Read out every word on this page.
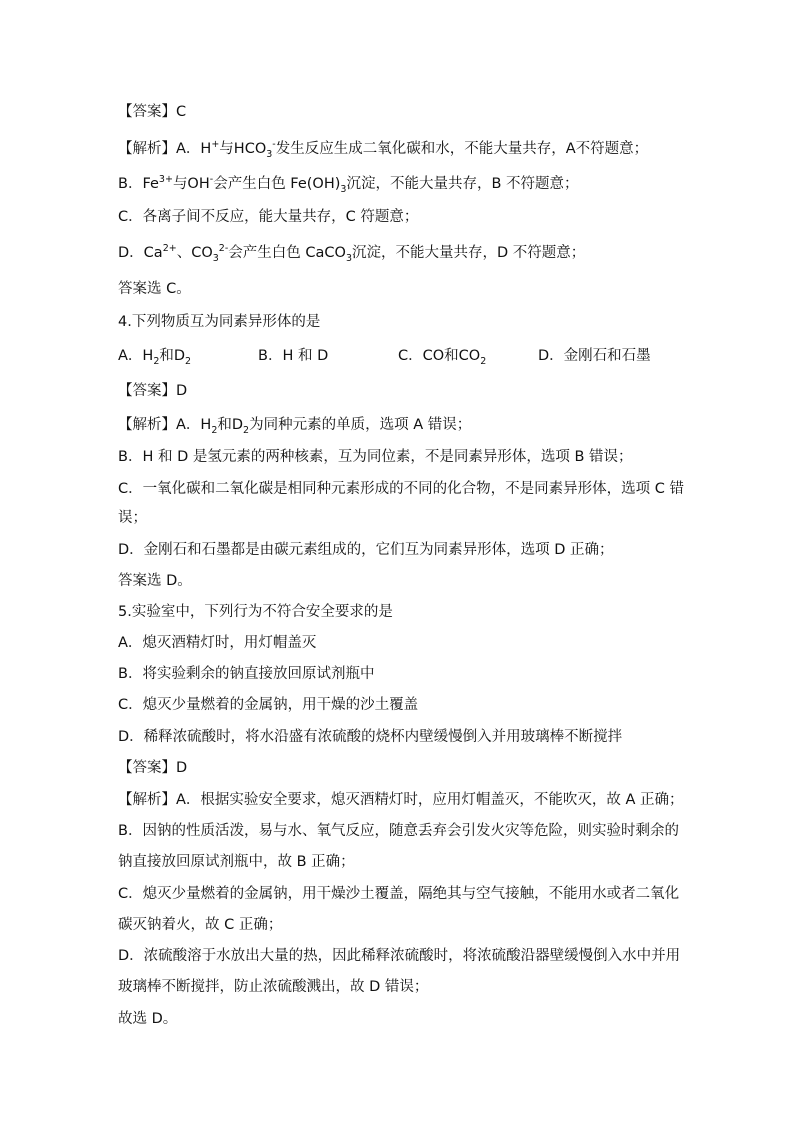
【答案】C
【解析】A．H+与$HCO_3^-$发生反应生成二氧化碳和水，不能大量共存，A不符题意；
B．$Fe^{3+}$与OH-会产生白色 $Fe(OH)_3$沉淀，不能大量共存，B 不符题意；
C．各离子间不反应，能大量共存，C 符题意；
D．$Ca^{2+}$、$CO_3^{2-}$会产生白色 CaCO$_3$沉淀，不能大量共存，D 不符题意；
答案选 C。
4.下列物质互为同素异形体的是
A．$H_2$和$D_2$	B．H 和 D	C．CO和$CO_2$	D．金刚石和石墨
【答案】D
【解析】A．$H_2$和$D_2$为同种元素的单质，选项 A 错误；
B．H 和 D 是氢元素的两种核素，互为同位素，不是同素异形体，选项 B 错误；
C．一氧化碳和二氧化碳是相同种元素形成的不同的化合物，不是同素异形体，选项 C 错
误；
D．金刚石和石墨都是由碳元素组成的，它们互为同素异形体，选项 D 正确；
答案选 D。
5.实验室中，下列行为不符合安全要求的是
A．熄灭酒精灯时，用灯帽盖灭
B．将实验剩余的钠直接放回原试剂瓶中
C．熄灭少量燃着的金属钠，用干燥的沙土覆盖
D．稀释浓硫酸时，将水沿盛有浓硫酸的烧杯内壁缓慢倒入并用玻璃棒不断搅拌
【答案】D
【解析】A．根据实验安全要求，熄灭酒精灯时，应用灯帽盖灭，不能吹灭，故 A 正确；
B．因钠的性质活泼，易与水、氧气反应，随意丢弃会引发火灾等危险，则实验时剩余的
钠直接放回原试剂瓶中，故 B 正确；
C．熄灭少量燃着的金属钠，用干燥沙土覆盖，隔绝其与空气接触，不能用水或者二氧化
碳灭钠着火，故 C 正确；
D．浓硫酸溶于水放出大量的热，因此稀释浓硫酸时，将浓硫酸沿器壁缓慢倒入水中并用
玻璃棒不断搅拌，防止浓硫酸溅出，故 D 错误；
故选 D。
